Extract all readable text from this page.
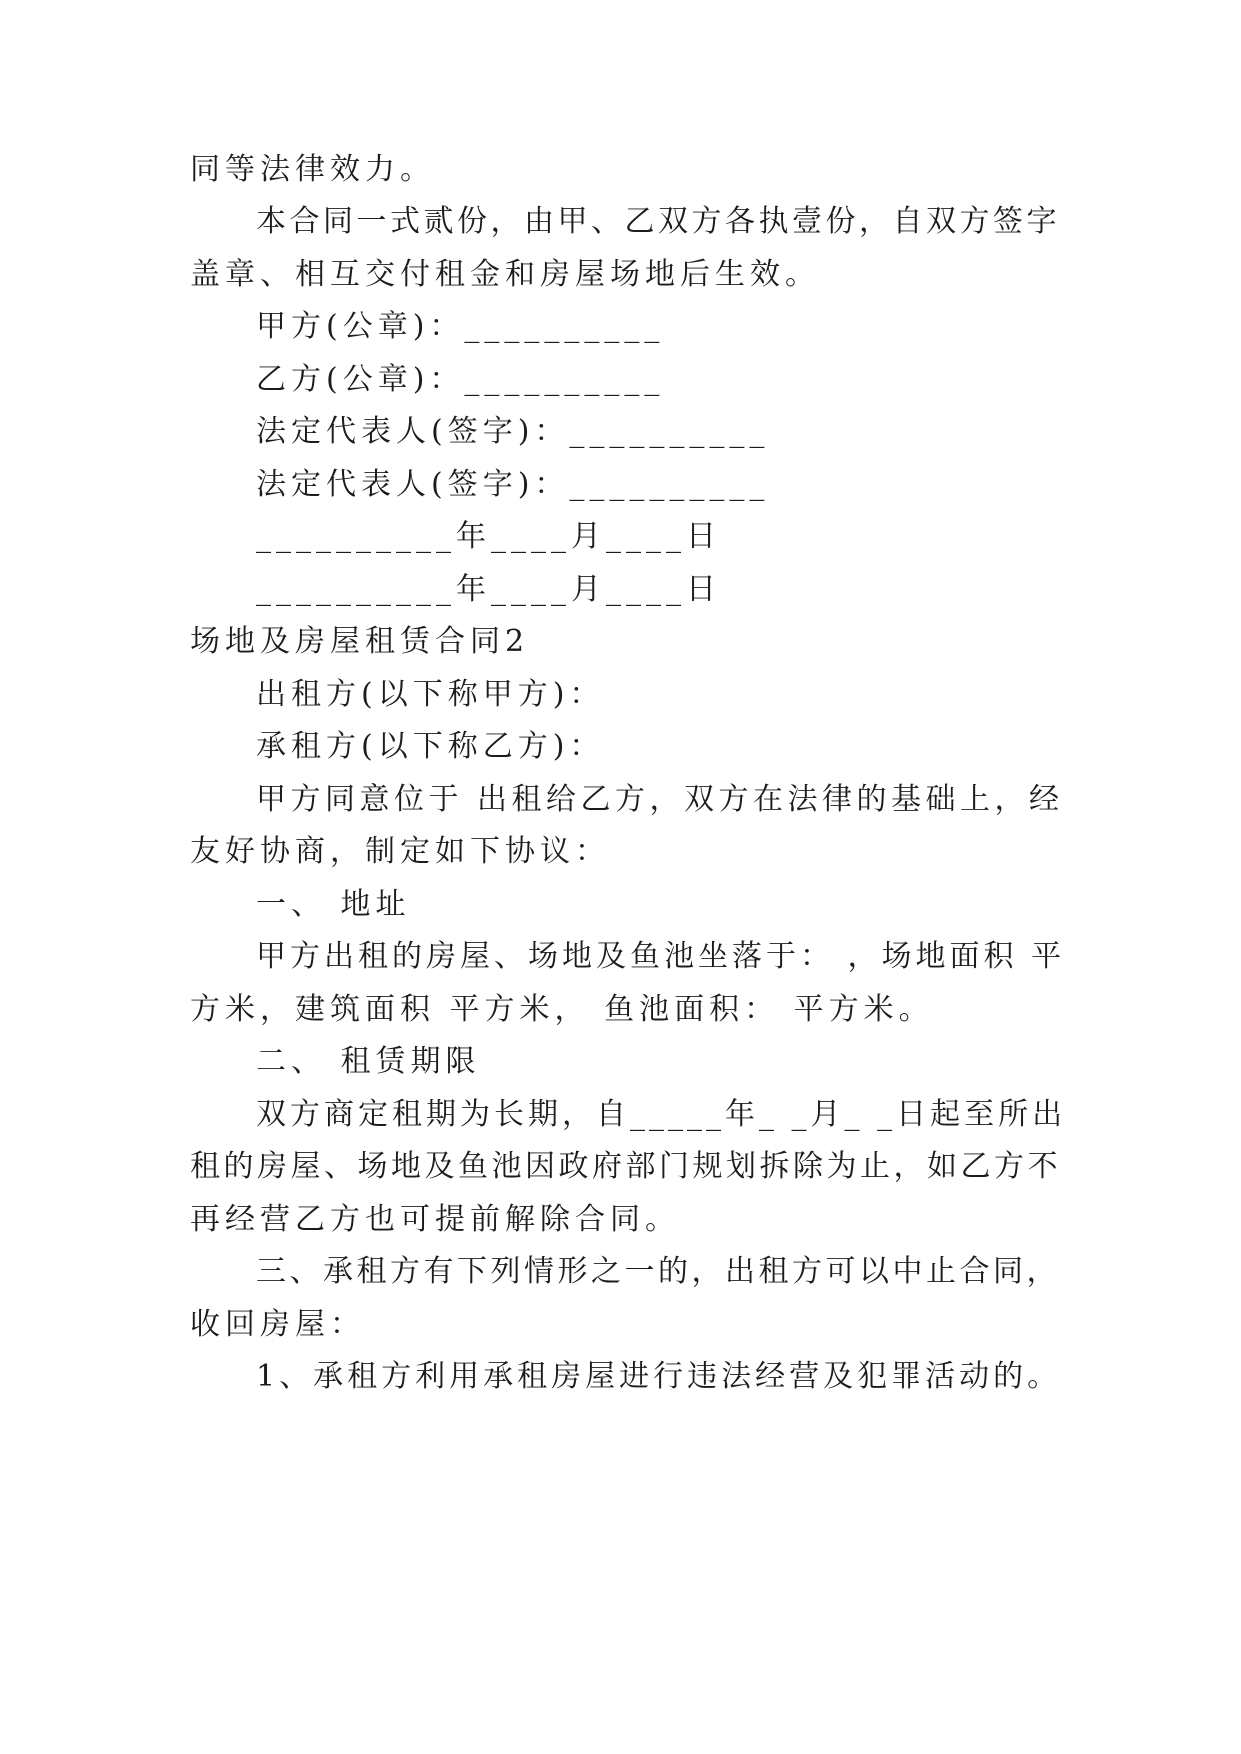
同等法律效力。
本合同一式贰份，由甲、乙双方各执壹份，自双方签字
盖章、相互交付租金和房屋场地后生效。
甲方(公章)：__________
乙方(公章)：__________
法定代表人(签字)：__________
法定代表人(签字)：__________
__________年____月____日
__________年____月____日
场地及房屋租赁合同2
出租方(以下称甲方)：
承租方(以下称乙方)：
甲方同意位于 出租给乙方，双方在法律的基础上，经
友好协商，制定如下协议：
一、 地址
甲方出租的房屋、场地及鱼池坐落于： ，场地面积 平
方米，建筑面积 平方米， 鱼池面积： 平方米。
二、 租赁期限
双方商定租期为长期，自_____年_ _月_ _日起至所出
租的房屋、场地及鱼池因政府部门规划拆除为止，如乙方不
再经营乙方也可提前解除合同。
三、承租方有下列情形之一的，出租方可以中止合同，
收回房屋：
1、承租方利用承租房屋进行违法经营及犯罪活动的。
